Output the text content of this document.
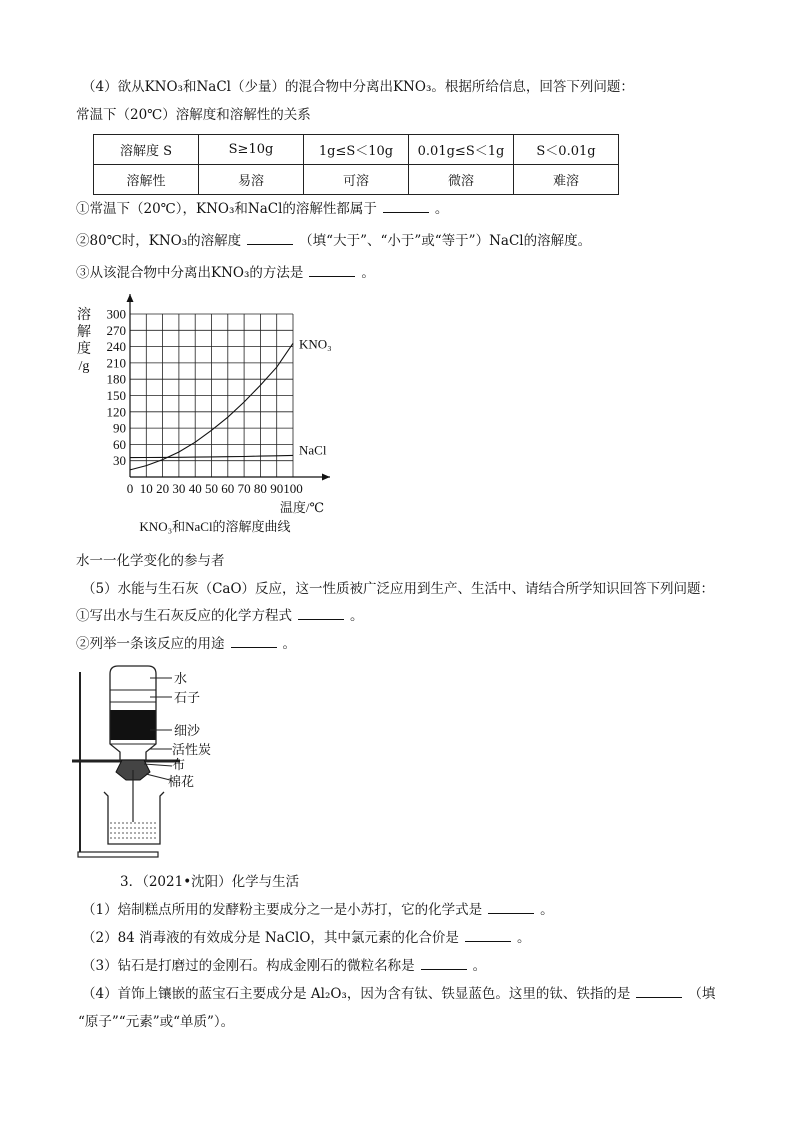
（4）欲从KNO₃和NaCl（少量）的混合物中分离出KNO₃。根据所给信息，回答下列问题：
常温下（20℃）溶解度和溶解性的关系
溶解度 S	S≥10g	1g≤S＜10g	0.01g≤S＜1g	S＜0.01g
溶解性	易溶	可溶	微溶	难溶
①常温下（20℃），KNO₃和NaCl的溶解性都属于	。
②80℃时，KNO₃的溶解度	（填“大于”、“小于”或“等于”）NaCl的溶解度。
③从该混合物中分离出KNO₃的方法是	。
0 10 20 30 40 50 60 70 80 90 100
30
60
90
120
150
180
210
240
270
300
溶
解
度
/g
温度/℃
KNO₃和NaCl的溶解度曲线
KNO₃
NaCl
水一一化学变化的参与者
（5）水能与生石灰（CaO）反应，这一性质被广泛应用到生产、生活中、请结合所学知识回答下列问题：
①写出水与生石灰反应的化学方程式	。
②列举一条该反应的用途	。
水
石子
细沙
活性炭
布
棉花
3．（2021•沈阳）化学与生活
（1）焙制糕点所用的发酵粉主要成分之一是小苏打，它的化学式是	。
（2）84 消毒液的有效成分是 NaClO，其中氯元素的化合价是	。
（3）钻石是打磨过的金刚石。构成金刚石的微粒名称是	。
（4）首饰上镶嵌的蓝宝石主要成分是 Al₂O₃，因为含有钛、铁显蓝色。这里的钛、铁指的是	（填
“原子”“元素”或“单质”）。
